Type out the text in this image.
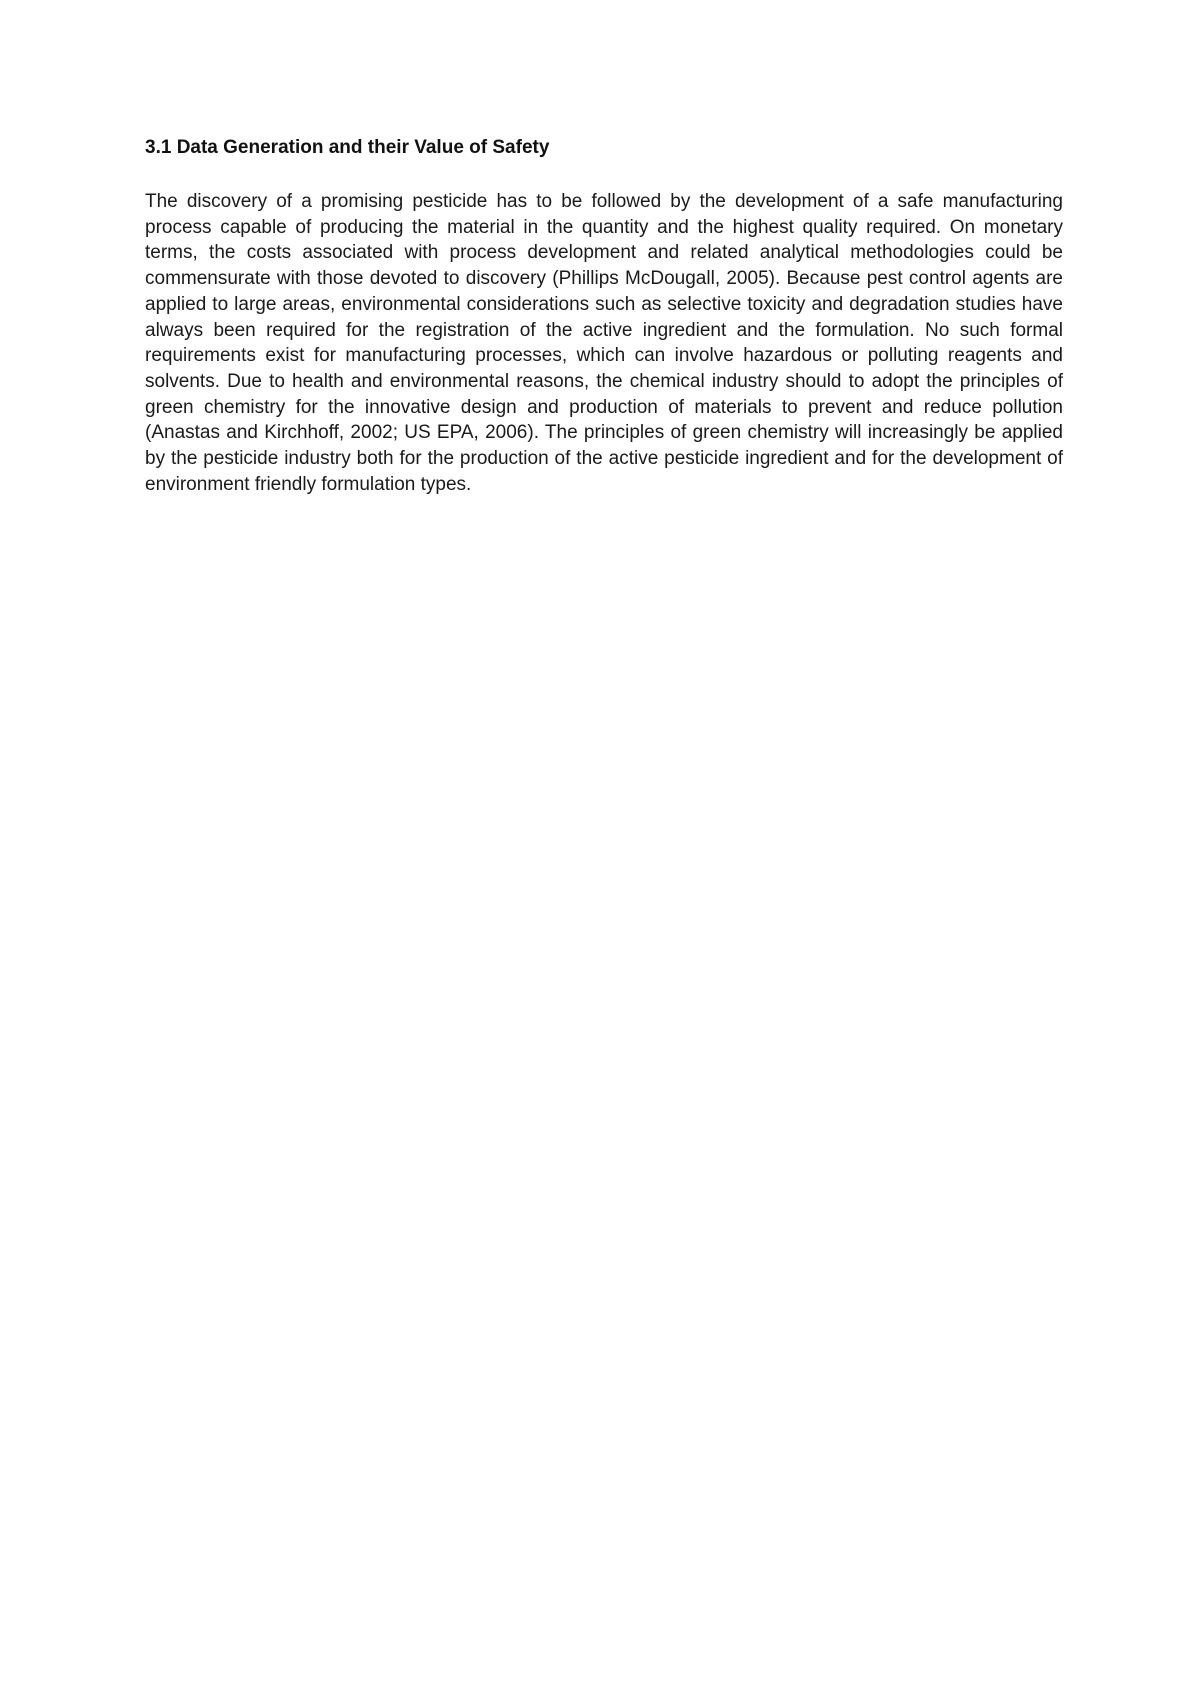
3.1 Data Generation and their Value of Safety

The discovery of a promising pesticide has to be followed by the development of a safe manufacturing process capable of producing the material in the quantity and the highest quality required. On monetary terms, the costs associated with process development and related analytical methodologies could be commensurate with those devoted to discovery (Phillips McDougall, 2005). Because pest control agents are applied to large areas, environmental considerations such as selective toxicity and degradation studies have always been required for the registration of the active ingredient and the formulation. No such formal requirements exist for manufacturing processes, which can involve hazardous or polluting reagents and solvents. Due to health and environmental reasons, the chemical industry should to adopt the principles of green chemistry for the innovative design and production of materials to prevent and reduce pollution (Anastas and Kirchhoff, 2002; US EPA, 2006). The principles of green chemistry will increasingly be applied by the pesticide industry both for the production of the active pesticide ingredient and for the development of environment friendly formulation types.
